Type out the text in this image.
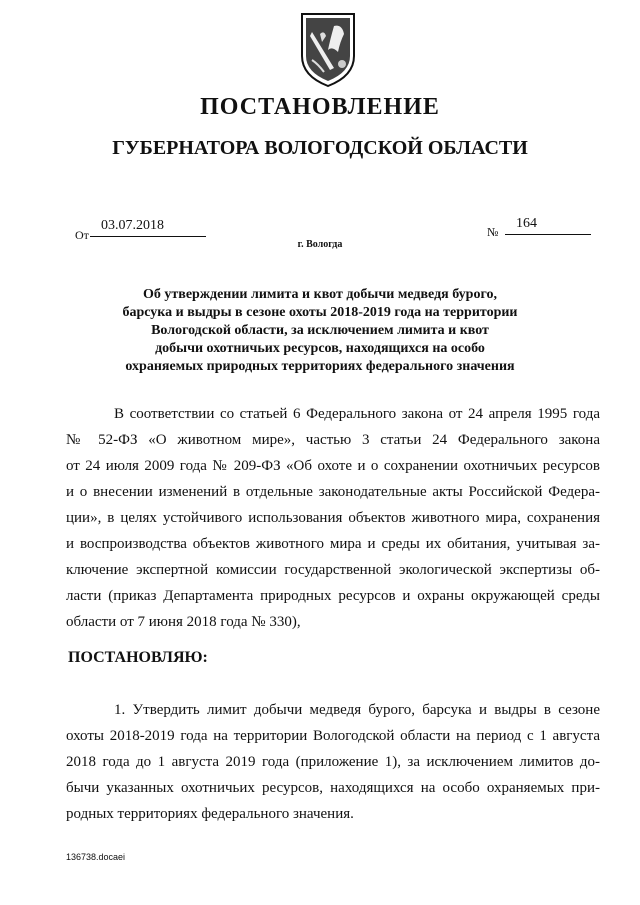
ПОСТАНОВЛЕНИЕ
ГУБЕРНАТОРА ВОЛОГОДСКОЙ ОБЛАСТИ
От
03.07.2018	№
164
г. Вологда
Об утверждении лимита и квот добычи медведя бурого,
барсука и выдры в сезоне охоты 2018-2019 года на территории
Вологодской области, за исключением лимита и квот
добычи охотничьих ресурсов, находящихся на особо
охраняемых природных территориях федерального значения
В соответствии со статьей 6 Федерального закона от 24 апреля 1995 года
№ 52-ФЗ «О животном мире», частью 3 статьи 24 Федерального закона
от 24 июля 2009 года № 209-ФЗ «Об охоте и о сохранении охотничьих ресурсов
и о внесении изменений в отдельные законодательные акты Российской Федера-
ции», в целях устойчивого использования объектов животного мира, сохранения
и воспроизводства объектов животного мира и среды их обитания, учитывая за-
ключение экспертной комиссии государственной экологической экспертизы об-
ласти (приказ Департамента природных ресурсов и охраны окружающей среды
области от 7 июня 2018 года № 330),
ПОСТАНОВЛЯЮ:
1. Утвердить лимит добычи медведя бурого, барсука и выдры в сезоне
охоты 2018-2019 года на территории Вологодской области на период с 1 августа
2018 года до 1 августа 2019 года (приложение 1), за исключением лимитов до-
бычи указанных охотничьих ресурсов, находящихся на особо охраняемых при-
родных территориях федерального значения.
136738.docaei
